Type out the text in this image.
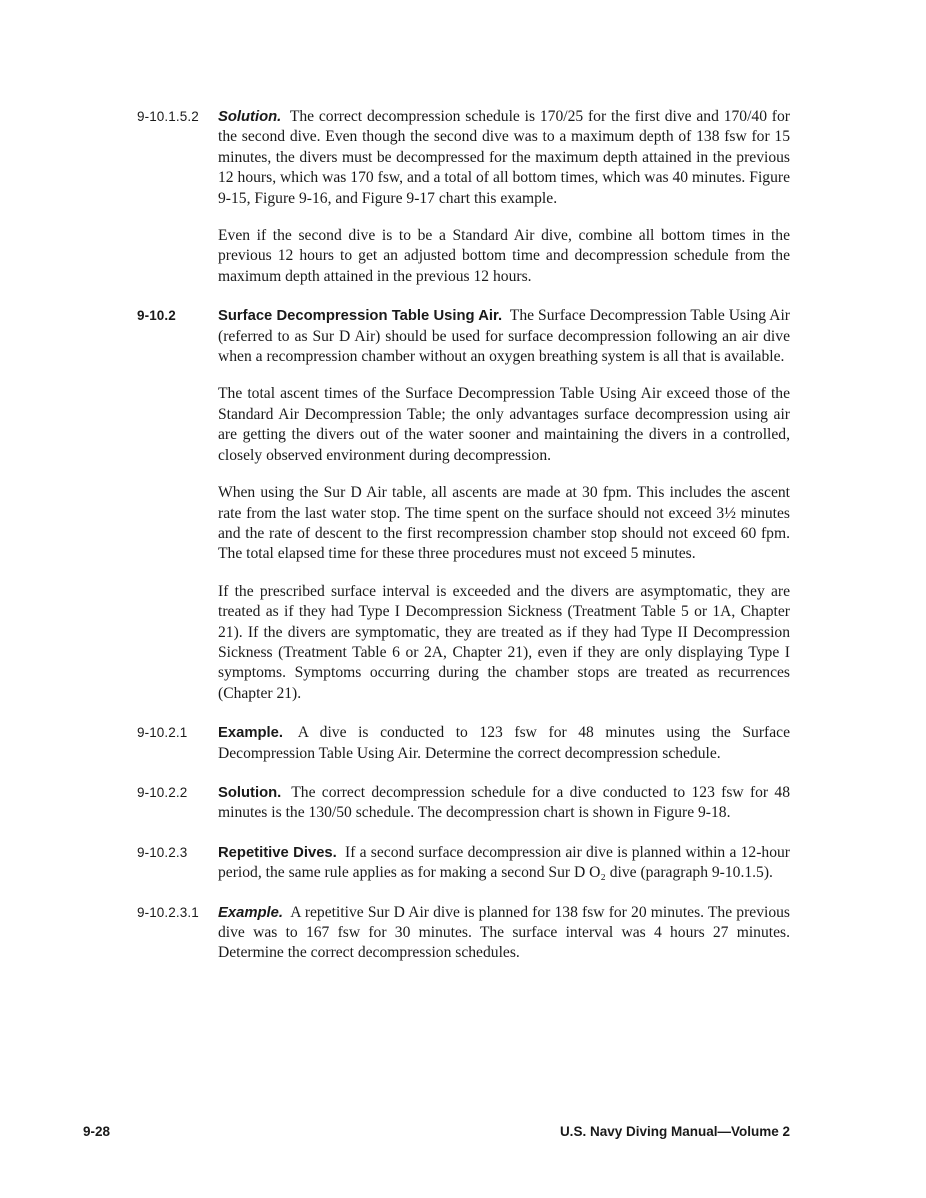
9-10.1.5.2	Solution. The correct decompression schedule is 170/25 for the first dive and 170/40 for the second dive. Even though the second dive was to a maximum depth of 138 fsw for 15 minutes, the divers must be decompressed for the maximum depth attained in the previous 12 hours, which was 170 fsw, and a total of all bottom times, which was 40 minutes. Figure 9-15, Figure 9-16, and Figure 9-17 chart this example.

Even if the second dive is to be a Standard Air dive, combine all bottom times in the previous 12 hours to get an adjusted bottom time and decompression schedule from the maximum depth attained in the previous 12 hours.

9-10.2	Surface Decompression Table Using Air. The Surface Decompression Table Using Air (referred to as Sur D Air) should be used for surface decompression following an air dive when a recompression chamber without an oxygen breathing system is all that is available.

The total ascent times of the Surface Decompression Table Using Air exceed those of the Standard Air Decompression Table; the only advantages surface decompression using air are getting the divers out of the water sooner and maintaining the divers in a controlled, closely observed environment during decompression.

When using the Sur D Air table, all ascents are made at 30 fpm. This includes the ascent rate from the last water stop. The time spent on the surface should not exceed 3½ minutes and the rate of descent to the first recompression chamber stop should not exceed 60 fpm. The total elapsed time for these three procedures must not exceed 5 minutes.

If the prescribed surface interval is exceeded and the divers are asymptomatic, they are treated as if they had Type I Decompression Sickness (Treatment Table 5 or 1A, Chapter 21). If the divers are symptomatic, they are treated as if they had Type II Decompression Sickness (Treatment Table 6 or 2A, Chapter 21), even if they are only displaying Type I symptoms. Symptoms occurring during the chamber stops are treated as recurrences (Chapter 21).

9-10.2.1	Example. A dive is conducted to 123 fsw for 48 minutes using the Surface Decompression Table Using Air. Determine the correct decompression schedule.

9-10.2.2	Solution. The correct decompression schedule for a dive conducted to 123 fsw for 48 minutes is the 130/50 schedule. The decompression chart is shown in Figure 9-18.

9-10.2.3	Repetitive Dives. If a second surface decompression air dive is planned within a 12-hour period, the same rule applies as for making a second Sur D O₂ dive (paragraph 9-10.1.5).

9-10.2.3.1	Example. A repetitive Sur D Air dive is planned for 138 fsw for 20 minutes. The previous dive was to 167 fsw for 30 minutes. The surface interval was 4 hours 27 minutes. Determine the correct decompression schedules.

9-28	U.S. Navy Diving Manual—Volume 2
